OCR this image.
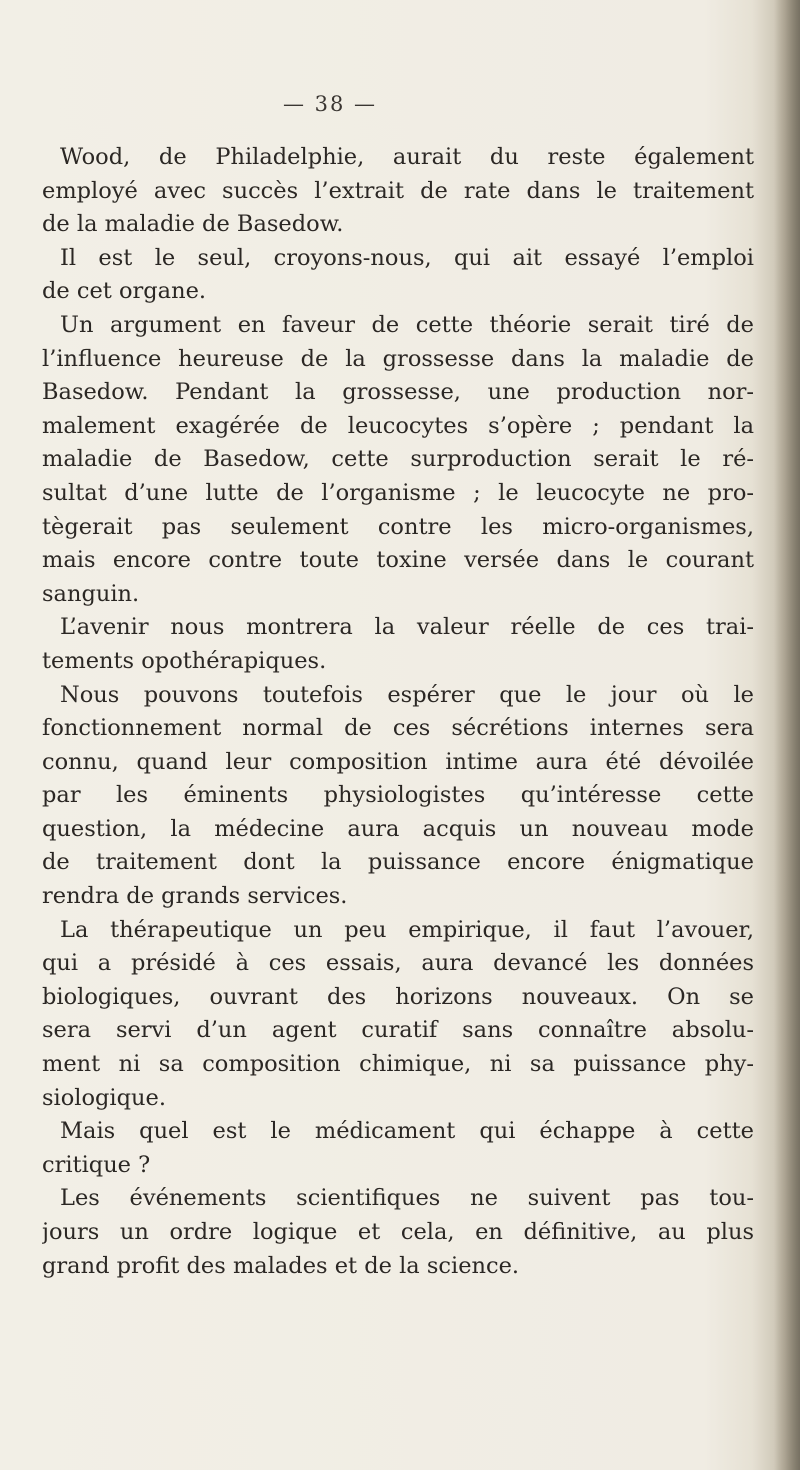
— 38 —
Wood, de Philadelphie, aurait du reste également
employé avec succès l’extrait de rate dans le traitement
de la maladie de Basedow.
Il est le seul, croyons-nous, qui ait essayé l’emploi
de cet organe.
Un argument en faveur de cette théorie serait tiré de
l’influence heureuse de la grossesse dans la maladie de
Basedow. Pendant la grossesse, une production nor-
malement exagérée de leucocytes s’opère ; pendant la
maladie de Basedow, cette surproduction serait le ré-
sultat d’une lutte de l’organisme ; le leucocyte ne pro-
tègerait pas seulement contre les micro-organismes,
mais encore contre toute toxine versée dans le courant
sanguin.
L’avenir nous montrera la valeur réelle de ces trai-
tements opothérapiques.
Nous pouvons toutefois espérer que le jour où le
fonctionnement normal de ces sécrétions internes sera
connu, quand leur composition intime aura été dévoilée
par les éminents physiologistes qu’intéresse cette
question, la médecine aura acquis un nouveau mode
de traitement dont la puissance encore énigmatique
rendra de grands services.
La thérapeutique un peu empirique, il faut l’avouer,
qui a présidé à ces essais, aura devancé les données
biologiques, ouvrant des horizons nouveaux. On se
sera servi d’un agent curatif sans connaître absolu-
ment ni sa composition chimique, ni sa puissance phy-
siologique.
Mais quel est le médicament qui échappe à cette
critique ?
Les événements scientifiques ne suivent pas tou-
jours un ordre logique et cela, en définitive, au plus
grand profit des malades et de la science.
